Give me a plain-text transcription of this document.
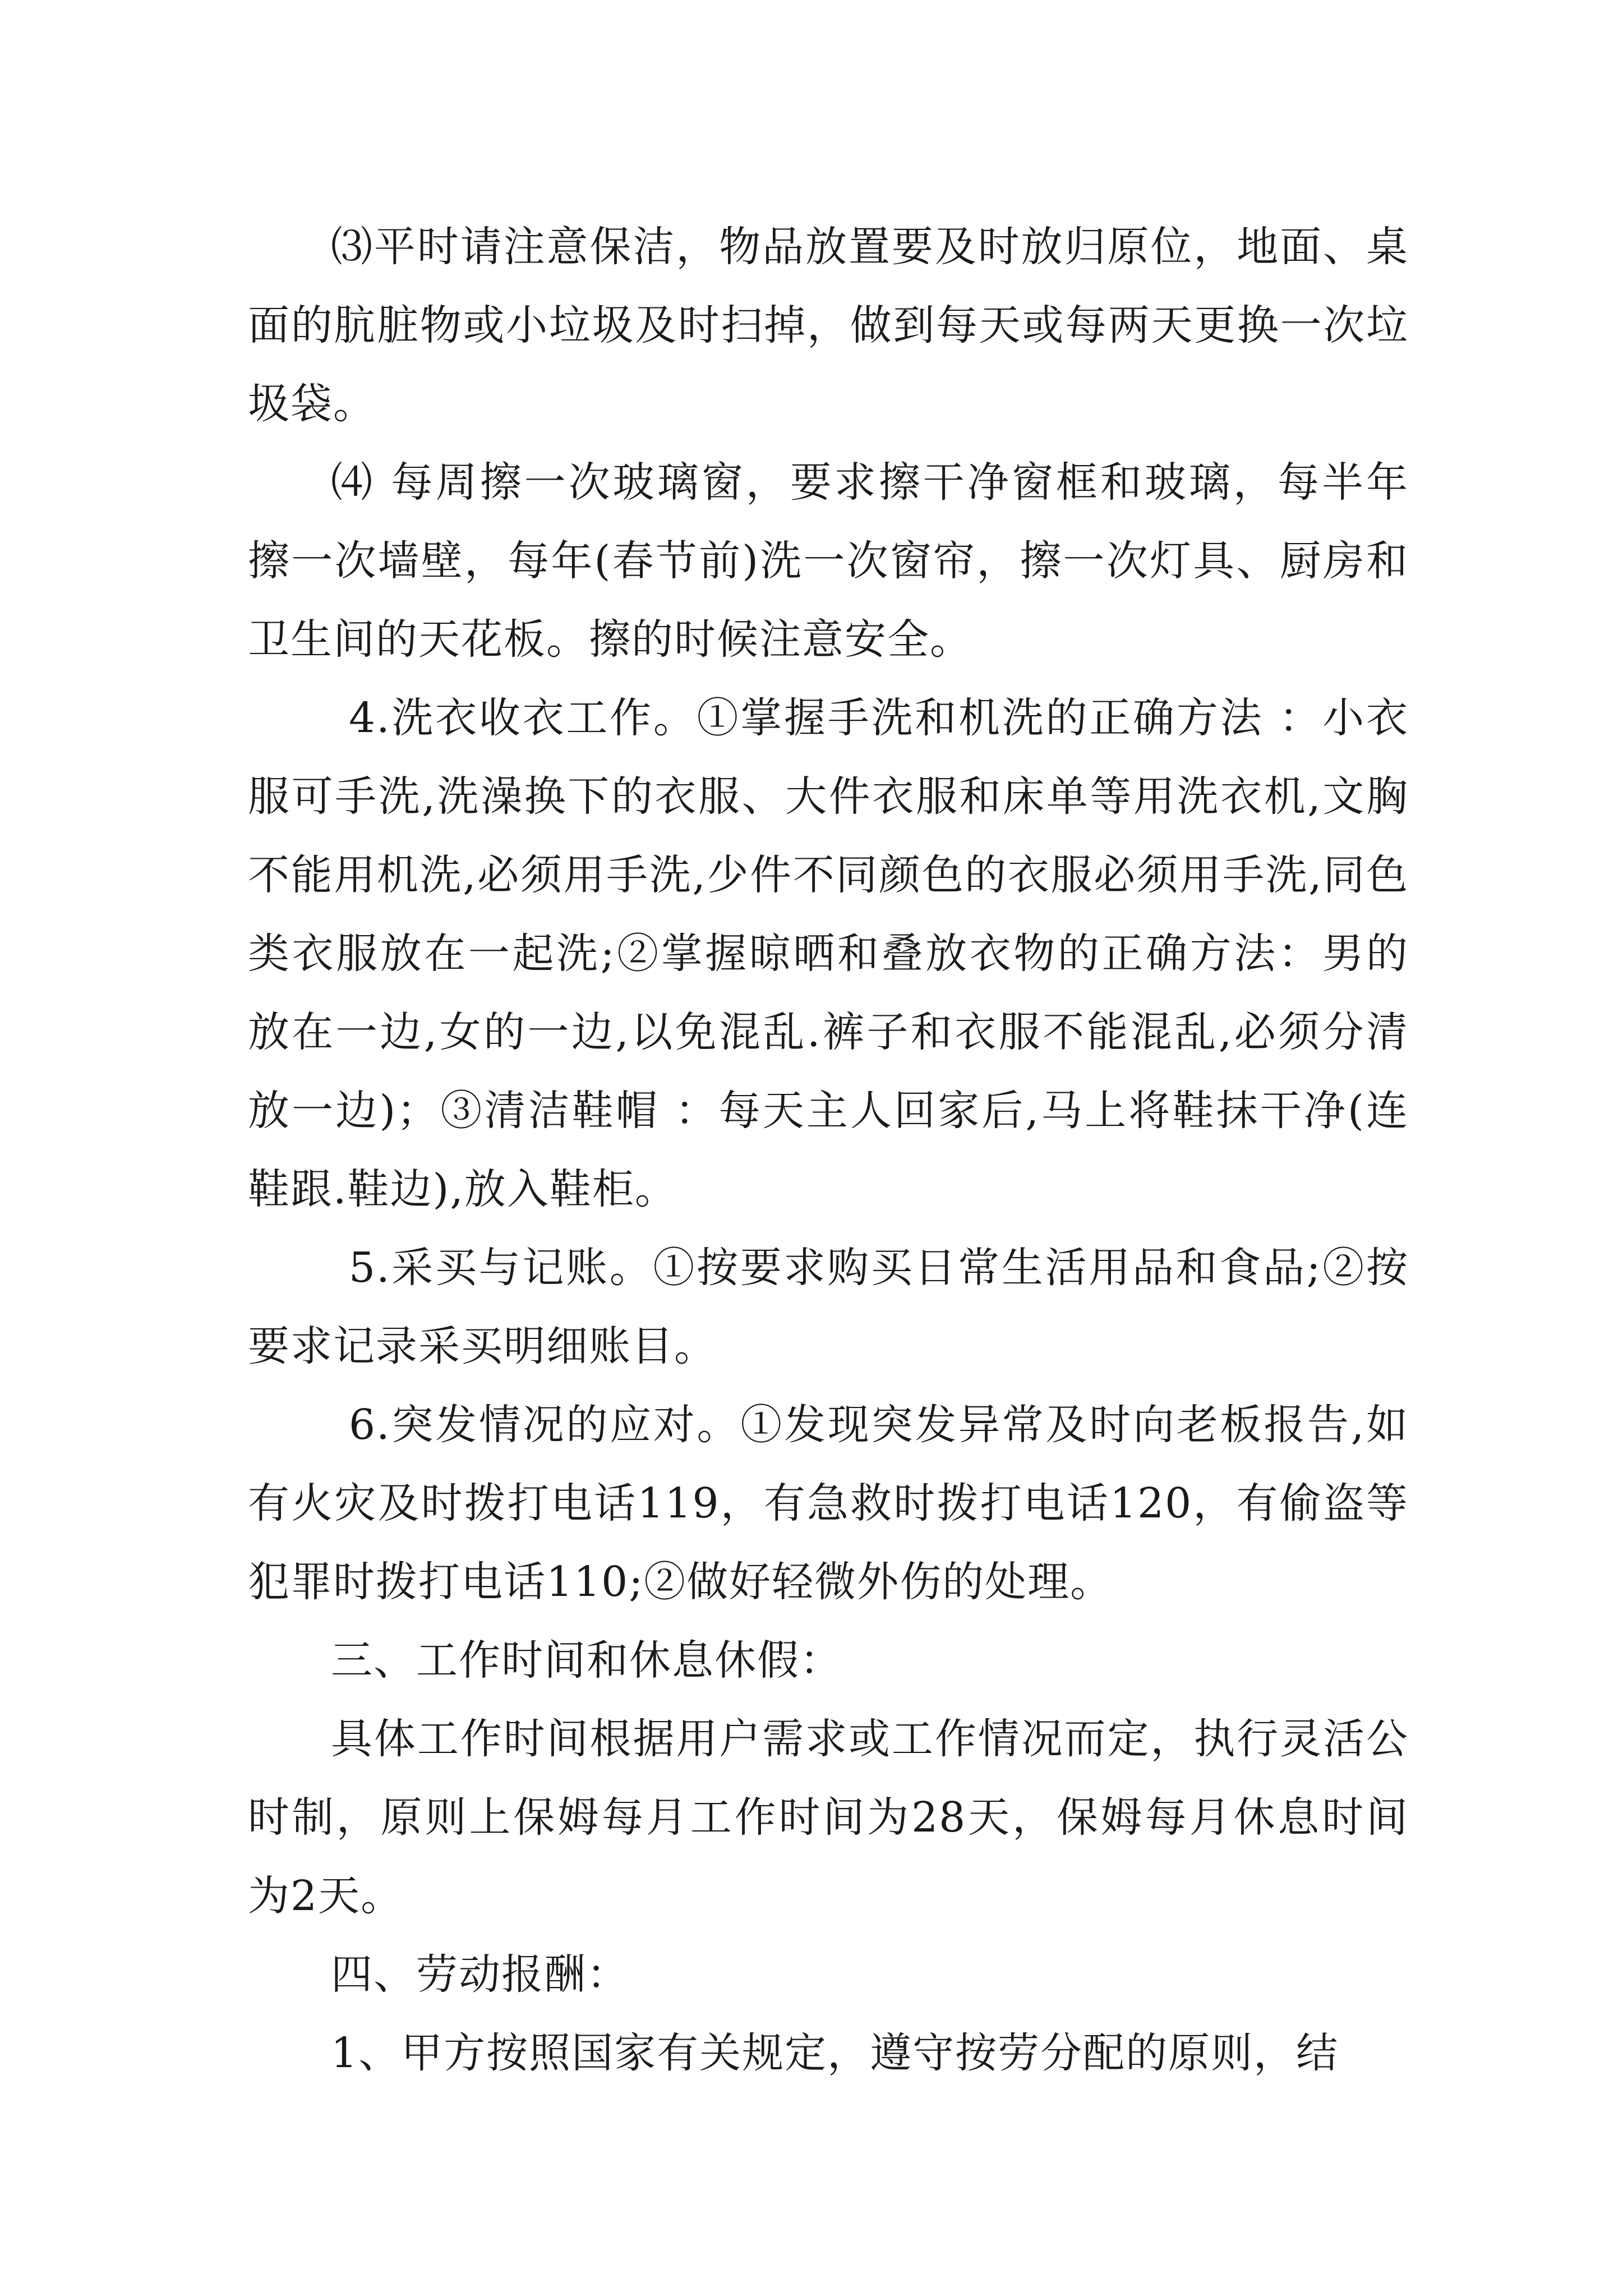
⑶平时请注意保洁，物品放置要及时放归原位，地面、桌面的肮脏物或小垃圾及时扫掉，做到每天或每两天更换一次垃圾袋。

⑷ 每周擦一次玻璃窗，要求擦干净窗框和玻璃，每半年擦一次墙壁，每年(春节前)洗一次窗帘，擦一次灯具、厨房和卫生间的天花板。擦的时候注意安全。

4.洗衣收衣工作。①掌握手洗和机洗的正确方法 ：小衣服可手洗,洗澡换下的衣服、大件衣服和床单等用洗衣机,文胸不能用机洗,必须用手洗,少件不同颜色的衣服必须用手洗,同色类衣服放在一起洗;②掌握晾晒和叠放衣物的正确方法：男的放在一边,女的一边,以免混乱.裤子和衣服不能混乱,必须分清放一边)；③清洁鞋帽 ：每天主人回家后,马上将鞋抹干净(连鞋跟.鞋边),放入鞋柜。

5.采买与记账。①按要求购买日常生活用品和食品;②按要求记录采买明细账目。

6.突发情况的应对。①发现突发异常及时向老板报告,如有火灾及时拨打电话119，有急救时拨打电话120，有偷盗等犯罪时拨打电话110;②做好轻微外伤的处理。

三、工作时间和休息休假：

具体工作时间根据用户需求或工作情况而定，执行灵活公时制，原则上保姆每月工作时间为28天，保姆每月休息时间为2天。

四、劳动报酬：

1、甲方按照国家有关规定，遵守按劳分配的原则，结
